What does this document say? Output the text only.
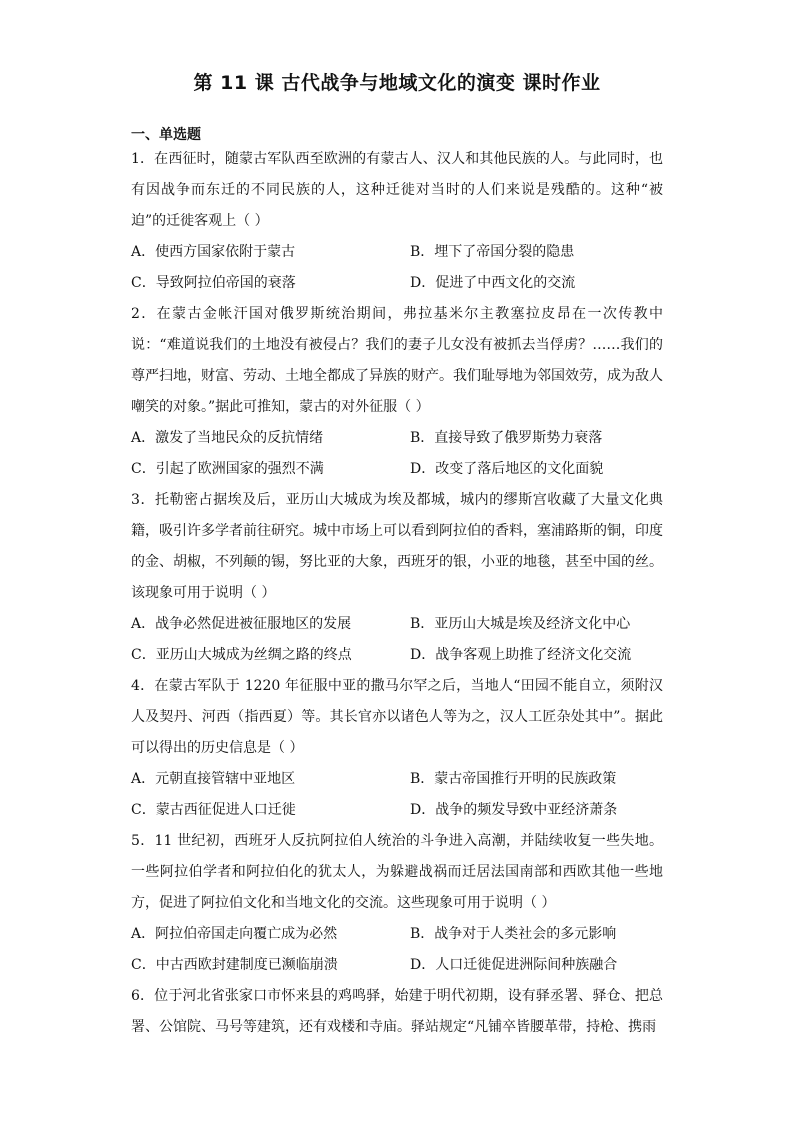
第 11 课 古代战争与地域文化的演变 课时作业
一、单选题

1．在西征时，随蒙古军队西至欧洲的有蒙古人、汉人和其他民族的人。与此同时，也有因战争而东迁的不同民族的人，这种迁徙对当时的人们来说是残酷的。这种“被迫”的迁徙客观上（ ）

A．使西方国家依附于蒙古	B．埋下了帝国分裂的隐患
C．导致阿拉伯帝国的衰落	D．促进了中西文化的交流

2．在蒙古金帐汗国对俄罗斯统治期间，弗拉基米尔主教塞拉皮昂在一次传教中说：“难道说我们的土地没有被侵占？我们的妻子儿女没有被抓去当俘虏？……我们的尊严扫地，财富、劳动、土地全都成了异族的财产。我们耻辱地为邻国效劳，成为敌人嘲笑的对象。”据此可推知，蒙古的对外征服（ ）

A．激发了当地民众的反抗情绪	B．直接导致了俄罗斯势力衰落
C．引起了欧洲国家的强烈不满	D．改变了落后地区的文化面貌

3．托勒密占据埃及后，亚历山大城成为埃及都城，城内的缪斯宫收藏了大量文化典籍，吸引许多学者前往研究。城中市场上可以看到阿拉伯的香料，塞浦路斯的铜，印度的金、胡椒，不列颠的锡，努比亚的大象，西班牙的银，小亚的地毯，甚至中国的丝。该现象可用于说明（ ）

A．战争必然促进被征服地区的发展	B．亚历山大城是埃及经济文化中心
C．亚历山大城成为丝绸之路的终点	D．战争客观上助推了经济文化交流

4．在蒙古军队于 1220 年征服中亚的撒马尔罕之后，当地人“田园不能自立，须附汉人及契丹、河西（指西夏）等。其长官亦以诸色人等为之，汉人工匠杂处其中”。据此可以得出的历史信息是（ ）

A．元朝直接管辖中亚地区	B．蒙古帝国推行开明的民族政策
C．蒙古西征促进人口迁徙	D．战争的频发导致中亚经济萧条

5．11 世纪初，西班牙人反抗阿拉伯人统治的斗争进入高潮，并陆续收复一些失地。一些阿拉伯学者和阿拉伯化的犹太人，为躲避战祸而迁居法国南部和西欧其他一些地方，促进了阿拉伯文化和当地文化的交流。这些现象可用于说明（ ）

A．阿拉伯帝国走向覆亡成为必然	B．战争对于人类社会的多元影响
C．中古西欧封建制度已濒临崩溃	D．人口迁徙促进洲际间种族融合

6．位于河北省张家口市怀来县的鸡鸣驿，始建于明代初期，设有驿丞署、驿仓、把总署、公馆院、马号等建筑，还有戏楼和寺庙。驿站规定“凡铺卒皆腰革带，持枪、携雨
